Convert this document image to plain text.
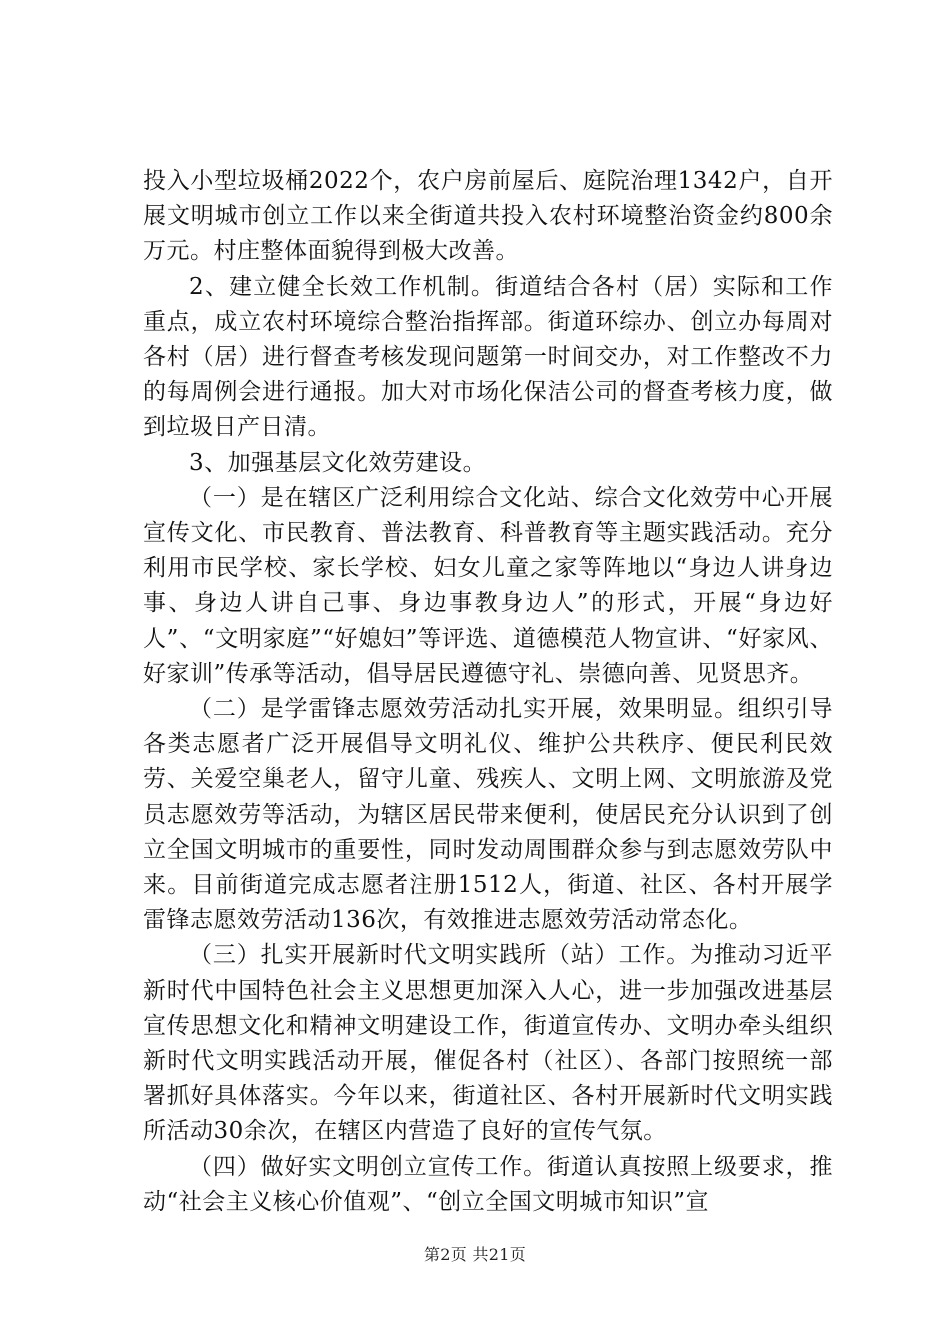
投入小型垃圾桶2022个，农户房前屋后、庭院治理1342户，自开展文明城市创立工作以来全街道共投入农村环境整治资金约800余万元。村庄整体面貌得到极大改善。

2、建立健全长效工作机制。街道结合各村（居）实际和工作重点，成立农村环境综合整治指挥部。街道环综办、创立办每周对各村（居）进行督查考核发现问题第一时间交办，对工作整改不力的每周例会进行通报。加大对市场化保洁公司的督查考核力度，做到垃圾日产日清。

3、加强基层文化效劳建设。

（一）是在辖区广泛利用综合文化站、综合文化效劳中心开展宣传文化、市民教育、普法教育、科普教育等主题实践活动。充分利用市民学校、家长学校、妇女儿童之家等阵地以“身边人讲身边事、身边人讲自己事、身边事教身边人”的形式，开展“身边好人”、“文明家庭”“好媳妇”等评选、道德模范人物宣讲、“好家风、好家训”传承等活动，倡导居民遵德守礼、崇德向善、见贤思齐。

（二）是学雷锋志愿效劳活动扎实开展，效果明显。组织引导各类志愿者广泛开展倡导文明礼仪、维护公共秩序、便民利民效劳、关爱空巢老人，留守儿童、残疾人、文明上网、文明旅游及党员志愿效劳等活动，为辖区居民带来便利，使居民充分认识到了创立全国文明城市的重要性，同时发动周围群众参与到志愿效劳队中来。目前街道完成志愿者注册1512人，街道、社区、各村开展学雷锋志愿效劳活动136次，有效推进志愿效劳活动常态化。

（三）扎实开展新时代文明实践所（站）工作。为推动习近平新时代中国特色社会主义思想更加深入人心，进一步加强改进基层宣传思想文化和精神文明建设工作，街道宣传办、文明办牵头组织新时代文明实践活动开展，催促各村（社区）、各部门按照统一部署抓好具体落实。今年以来，街道社区、各村开展新时代文明实践所活动30余次，在辖区内营造了良好的宣传气氛。

（四）做好实文明创立宣传工作。街道认真按照上级要求，推动“社会主义核心价值观”、“创立全国文明城市知识”宣

第2页 共21页
